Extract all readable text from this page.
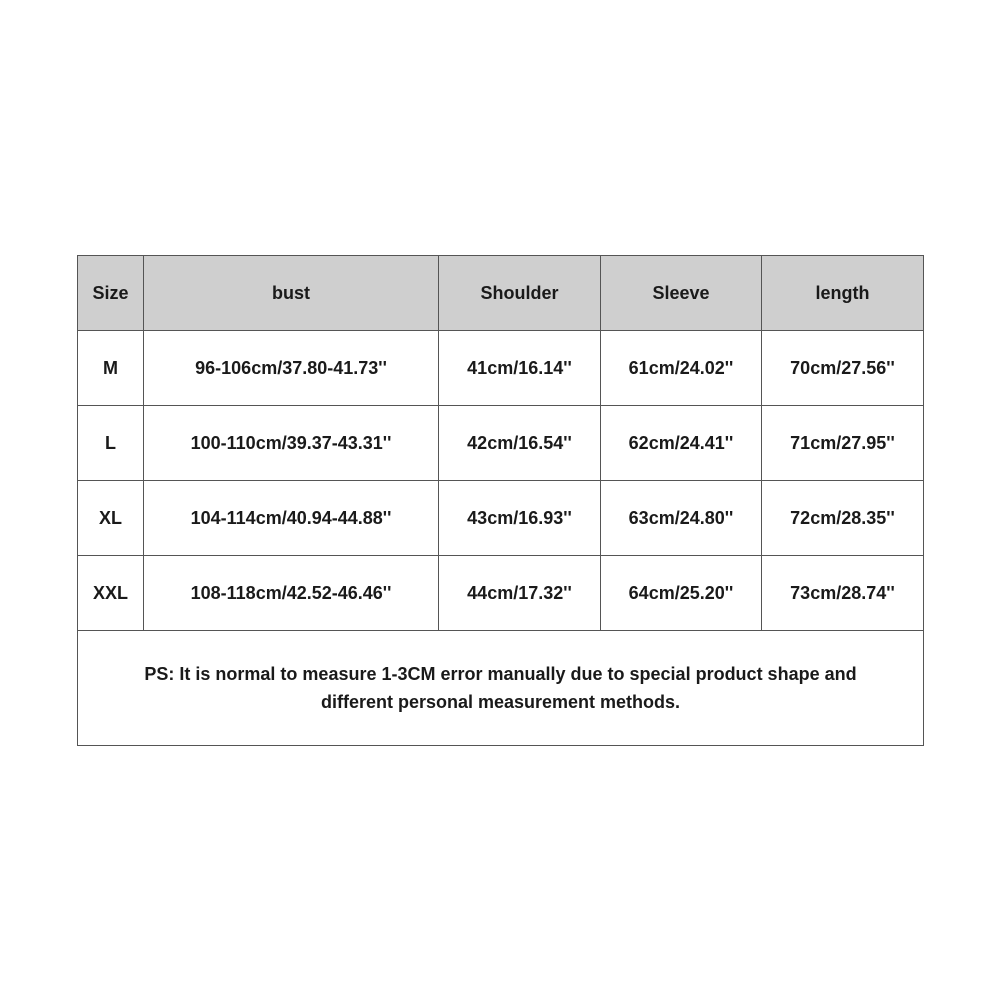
Size	bust	Shoulder	Sleeve	length
M	96-106cm/37.80-41.73''	41cm/16.14''	61cm/24.02''	70cm/27.56''
L	100-110cm/39.37-43.31''	42cm/16.54''	62cm/24.41''	71cm/27.95''
XL	104-114cm/40.94-44.88''	43cm/16.93''	63cm/24.80''	72cm/28.35''
XXL	108-118cm/42.52-46.46''	44cm/17.32''	64cm/25.20''	73cm/28.74''

PS: It is normal to measure 1-3CM error manually due to special product shape and
different personal measurement methods.				
